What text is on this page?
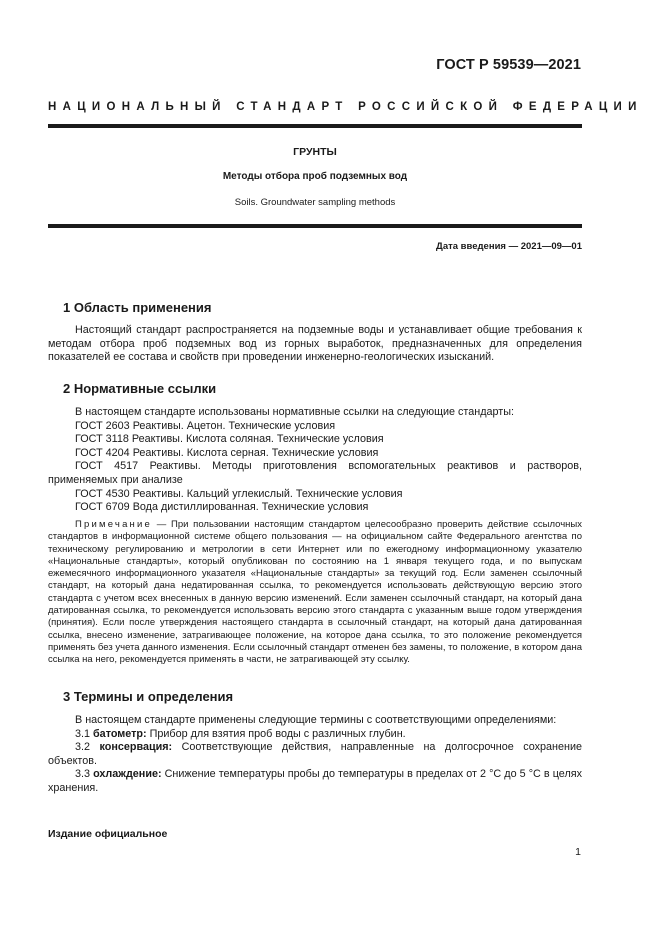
ГОСТ Р 59539—2021
НАЦИОНАЛЬНЫЙ СТАНДАРТ РОССИЙСКОЙ ФЕДЕРАЦИИ
ГРУНТЫ
Методы отбора проб подземных вод
Soils. Groundwater sampling methods
Дата введения — 2021—09—01
1 Область применения

Настоящий стандарт распространяется на подземные воды и устанавливает общие требования к методам отбора проб подземных вод из горных выработок, предназначенных для определения показателей ее состава и свойств при проведении инженерно-геологических изысканий.

2 Нормативные ссылки

В настоящем стандарте использованы нормативные ссылки на следующие стандарты:

ГОСТ 2603 Реактивы. Ацетон. Технические условия

ГОСТ 3118 Реактивы. Кислота соляная. Технические условия

ГОСТ 4204 Реактивы. Кислота серная. Технические условия

ГОСТ 4517 Реактивы. Методы приготовления вспомогательных реактивов и растворов, применяемых при анализе

ГОСТ 4530 Реактивы. Кальций углекислый. Технические условия

ГОСТ 6709 Вода дистиллированная. Технические условия

Примечание — При пользовании настоящим стандартом целесообразно проверить действие ссылочных стандартов в информационной системе общего пользования — на официальном сайте Федерального агентства по техническому регулированию и метрологии в сети Интернет или по ежегодному информационному указателю «Национальные стандарты», который опубликован по состоянию на 1 января текущего года, и по выпускам ежемесячного информационного указателя «Национальные стандарты» за текущий год. Если заменен ссылочный стандарт, на который дана недатированная ссылка, то рекомендуется использовать действующую версию этого стандарта с учетом всех внесенных в данную версию изменений. Если заменен ссылочный стандарт, на который дана датированная ссылка, то рекомендуется использовать версию этого стандарта с указанным выше годом утверждения (принятия). Если после утверждения настоящего стандарта в ссылочный стандарт, на который дана датированная ссылка, внесено изменение, затрагивающее положение, на которое дана ссылка, то это положение рекомендуется применять без учета данного изменения. Если ссылочный стандарт отменен без замены, то положение, в котором дана ссылка на него, рекомендуется применять в части, не затрагивающей эту ссылку.
3 Термины и определения

В настоящем стандарте применены следующие термины с соответствующими определениями:

3.1 батометр: Прибор для взятия проб воды с различных глубин.

3.2 консервация: Соответствующие действия, направленные на долгосрочное сохранение объектов.

3.3 охлаждение: Снижение температуры пробы до температуры в пределах от 2 °C до 5 °C в целях хранения.

Издание официальное
1
